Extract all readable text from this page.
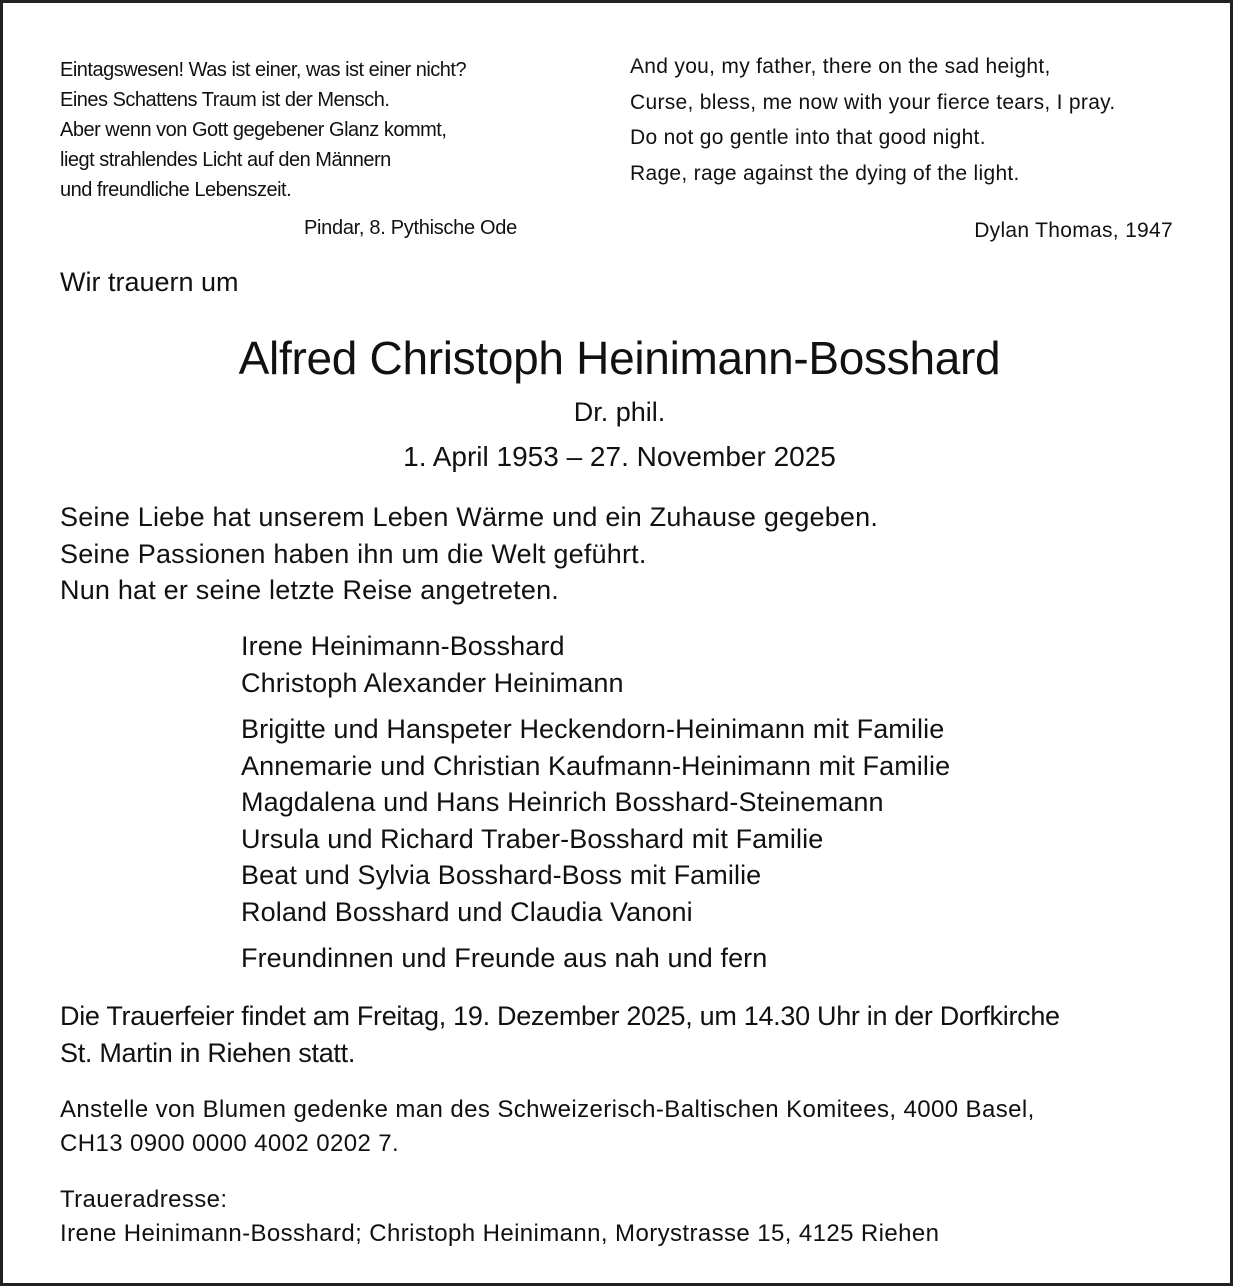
Eintagswesen! Was ist einer, was ist einer nicht?
Eines Schattens Traum ist der Mensch.
Aber wenn von Gott gegebener Glanz kommt,
liegt strahlendes Licht auf den Männern
und freundliche Lebenszeit.
Pindar, 8. Pythische Ode
And you, my father, there on the sad height,
Curse, bless, me now with your fierce tears, I pray.
Do not go gentle into that good night.
Rage, rage against the dying of the light.
Dylan Thomas, 1947
Wir trauern um
Alfred Christoph Heinimann-Bosshard
Dr. phil.
1. April 1953 – 27. November 2025
Seine Liebe hat unserem Leben Wärme und ein Zuhause gegeben.
Seine Passionen haben ihn um die Welt geführt.
Nun hat er seine letzte Reise angetreten.
Irene Heinimann-Bosshard
Christoph Alexander Heinimann
Brigitte und Hanspeter Heckendorn-Heinimann mit Familie
Annemarie und Christian Kaufmann-Heinimann mit Familie
Magdalena und Hans Heinrich Bosshard-Steinemann
Ursula und Richard Traber-Bosshard mit Familie
Beat und Sylvia Bosshard-Boss mit Familie
Roland Bosshard und Claudia Vanoni
Freundinnen und Freunde aus nah und fern
Die Trauerfeier findet am Freitag, 19. Dezember 2025, um 14.30 Uhr in der Dorfkirche
St. Martin in Riehen statt.
Anstelle von Blumen gedenke man des Schweizerisch-Baltischen Komitees, 4000 Basel,
CH13 0900 0000 4002 0202 7.
Traueradresse:
Irene Heinimann-Bosshard; Christoph Heinimann, Morystrasse 15, 4125 Riehen
